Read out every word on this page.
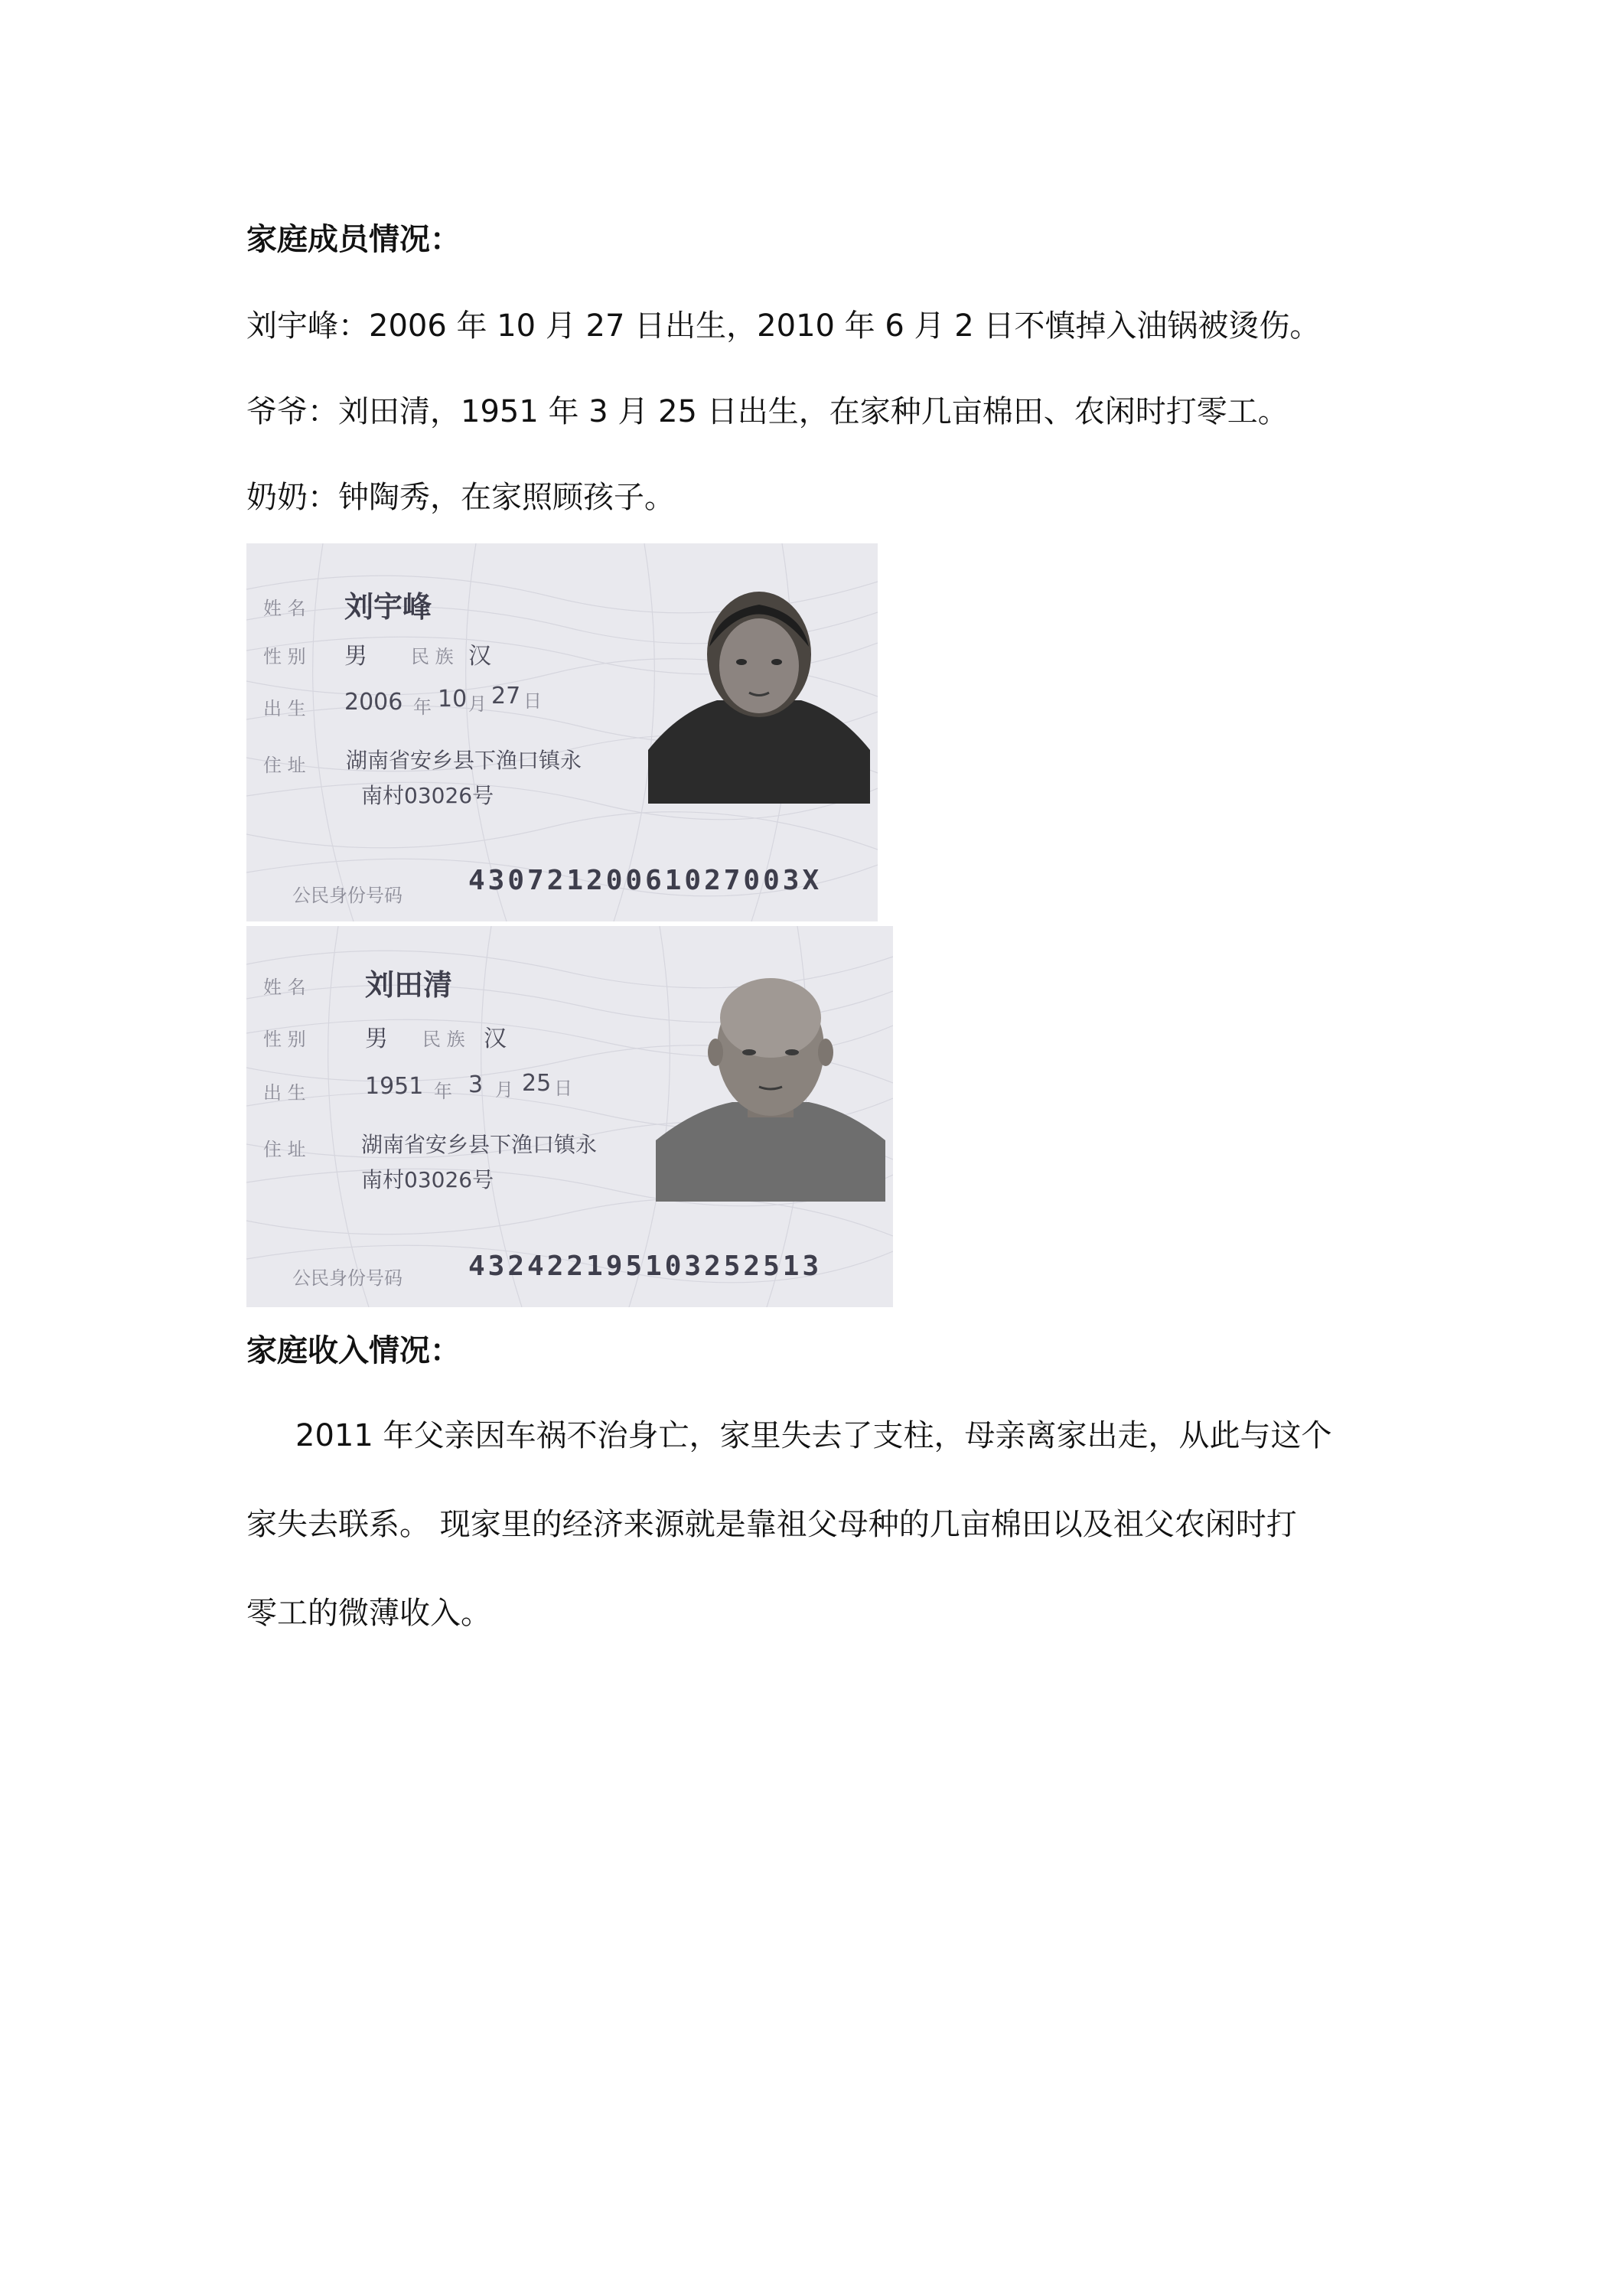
家庭成员情况：
刘宇峰：2006 年 10 月 27 日出生，2010 年 6 月 2 日不慎掉入油锅被烫伤。
爷爷：刘田清，1951 年 3 月 25 日出生，在家种几亩棉田、农闲时打零工。
奶奶：钟陶秀，在家照顾孩子。
姓 名 刘宇峰
性 别 男 民 族 汉
出 生 2006 年 10 月 27 日
住 址 湖南省安乡县下渔口镇永
南村03026号
公民身份号码 43072120061027003X
姓 名 刘田清
性 别	男 民 族 汉
出 生	1951 年 3 月 25 日
住 址	湖南省安乡县下渔口镇永
南村03026号
公民身份号码 432422195103252513
家庭收入情况：
2011 年父亲因车祸不治身亡，家里失去了支柱，母亲离家出走，从此与这个
家失去联系。 现家里的经济来源就是靠祖父母种的几亩棉田以及祖父农闲时打
零工的微薄收入。
